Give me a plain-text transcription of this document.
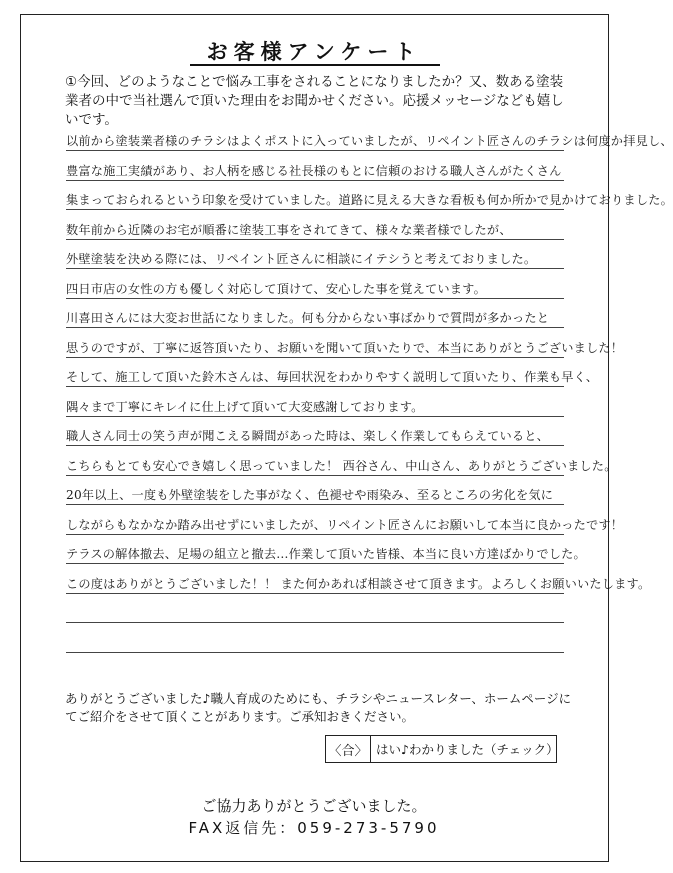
お客様アンケート
①今回、どのようなことで悩み工事をされることになりましたか？又、数ある塗装業者の中で当社選んで頂いた理由をお聞かせください。応援メッセージなども嬉しいです。
以前から塗装業者様のチラシはよくポストに入っていましたが、リペイント匠さんのチラシは何度か拝見し、
豊富な施工実績があり、お人柄を感じる社長様のもとに信頼のおける職人さんがたくさん
集まっておられるという印象を受けていました。道路に見える大きな看板も何か所かで見かけておりました。
数年前から近隣のお宅が順番に塗装工事をされてきて、様々な業者様でしたが、
外壁塗装を決める際には、リペイント匠さんに相談にイテシうと考えておりました。
四日市店の女性の方も優しく対応して頂けて、安心した事を覚えています。
川喜田さんには大変お世話になりました。何も分からない事ばかりで質問が多かったと
思うのですが、丁寧に返答頂いたり、お願いを聞いて頂いたりで、本当にありがとうございました！
そして、施工して頂いた鈴木さんは、毎回状況をわかりやすく説明して頂いたり、作業も早く、
隅々まで丁寧にキレイに仕上げて頂いて大変感謝しております。
職人さん同士の笑う声が聞こえる瞬間があった時は、楽しく作業してもらえていると、
こちらもとても安心でき嬉しく思っていました！ 西谷さん、中山さん、ありがとうございました。
20年以上、一度も外壁塗装をした事がなく、色褪せや雨染み、至るところの劣化を気に
しながらもなかなか踏み出せずにいましたが、リペイント匠さんにお願いして本当に良かったです！
テラスの解体撤去、足場の組立と撤去…作業して頂いた皆様、本当に良い方達ばかりでした。
この度はありがとうございました！！ また何かあれば相談させて頂きます。よろしくお願いいたします。
ありがとうございました♪職人育成のためにも、チラシやニュースレター、ホームページにてご紹介をさせて頂くことがあります。ご承知おきください。
〈合〉 はい♪わかりました（チェック）
ご協力ありがとうございました。
FAX返信先：059-273-5790
